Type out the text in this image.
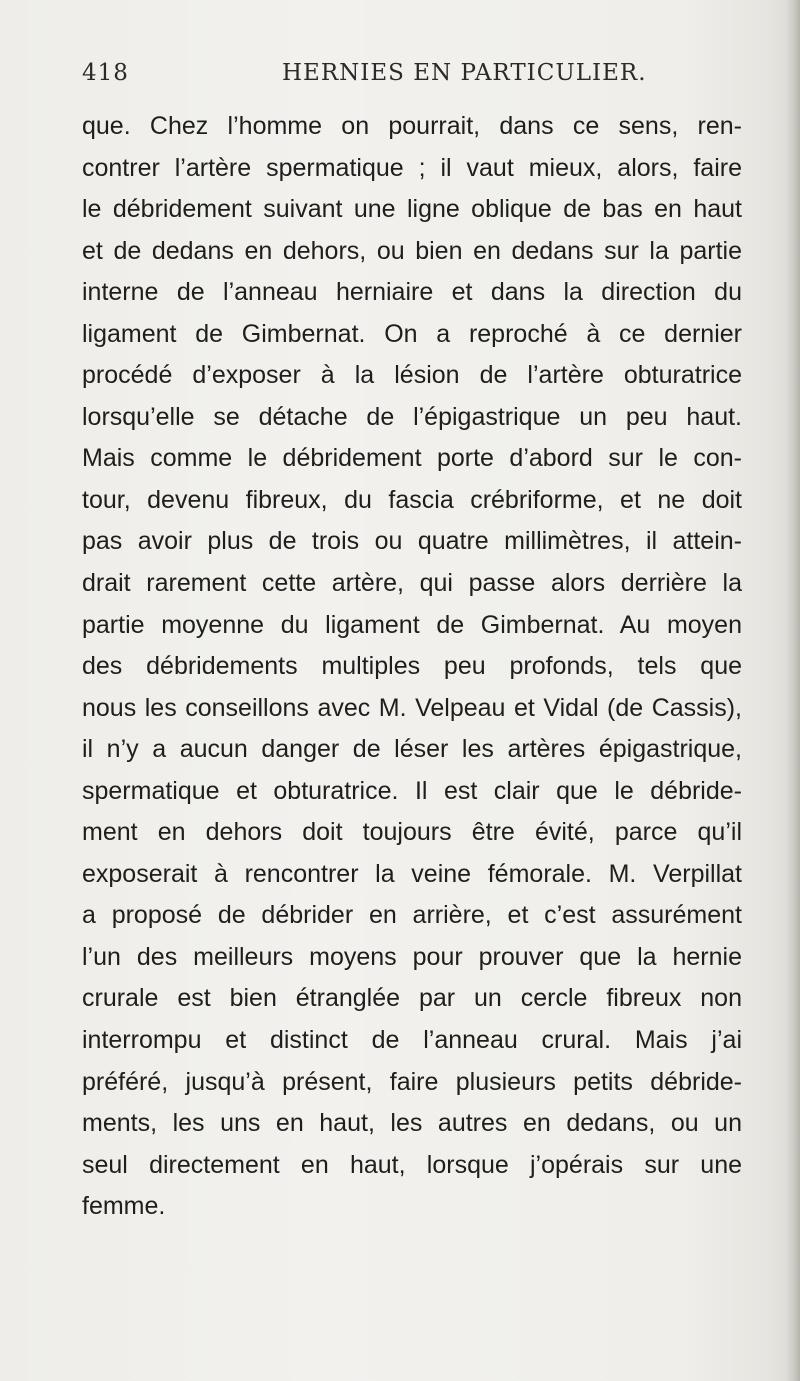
418	HERNIES EN PARTICULIER.
que. Chez l’homme on pourrait, dans ce sens, ren-
contrer l’artère spermatique ; il vaut mieux, alors, faire
le débridement suivant une ligne oblique de bas en haut
et de dedans en dehors, ou bien en dedans sur la partie
interne de l’anneau herniaire et dans la direction du
ligament de Gimbernat. On a reproché à ce dernier
procédé d’exposer à la lésion de l’artère obturatrice
lorsqu’elle se détache de l’épigastrique un peu haut.
Mais comme le débridement porte d’abord sur le con-
tour, devenu fibreux, du fascia crébriforme, et ne doit
pas avoir plus de trois ou quatre millimètres, il attein-
drait rarement cette artère, qui passe alors derrière la
partie moyenne du ligament de Gimbernat. Au moyen
des débridements multiples peu profonds, tels que
nous les conseillons avec M. Velpeau et Vidal (de Cassis),
il n’y a aucun danger de léser les artères épigastrique,
spermatique et obturatrice. Il est clair que le débride-
ment en dehors doit toujours être évité, parce qu’il
exposerait à rencontrer la veine fémorale. M. Verpillat
a proposé de débrider en arrière, et c’est assurément
l’un des meilleurs moyens pour prouver que la hernie
crurale est bien étranglée par un cercle fibreux non
interrompu et distinct de l’anneau crural. Mais j’ai
préféré, jusqu’à présent, faire plusieurs petits débride-
ments, les uns en haut, les autres en dedans, ou un
seul directement en haut, lorsque j’opérais sur une
femme.
